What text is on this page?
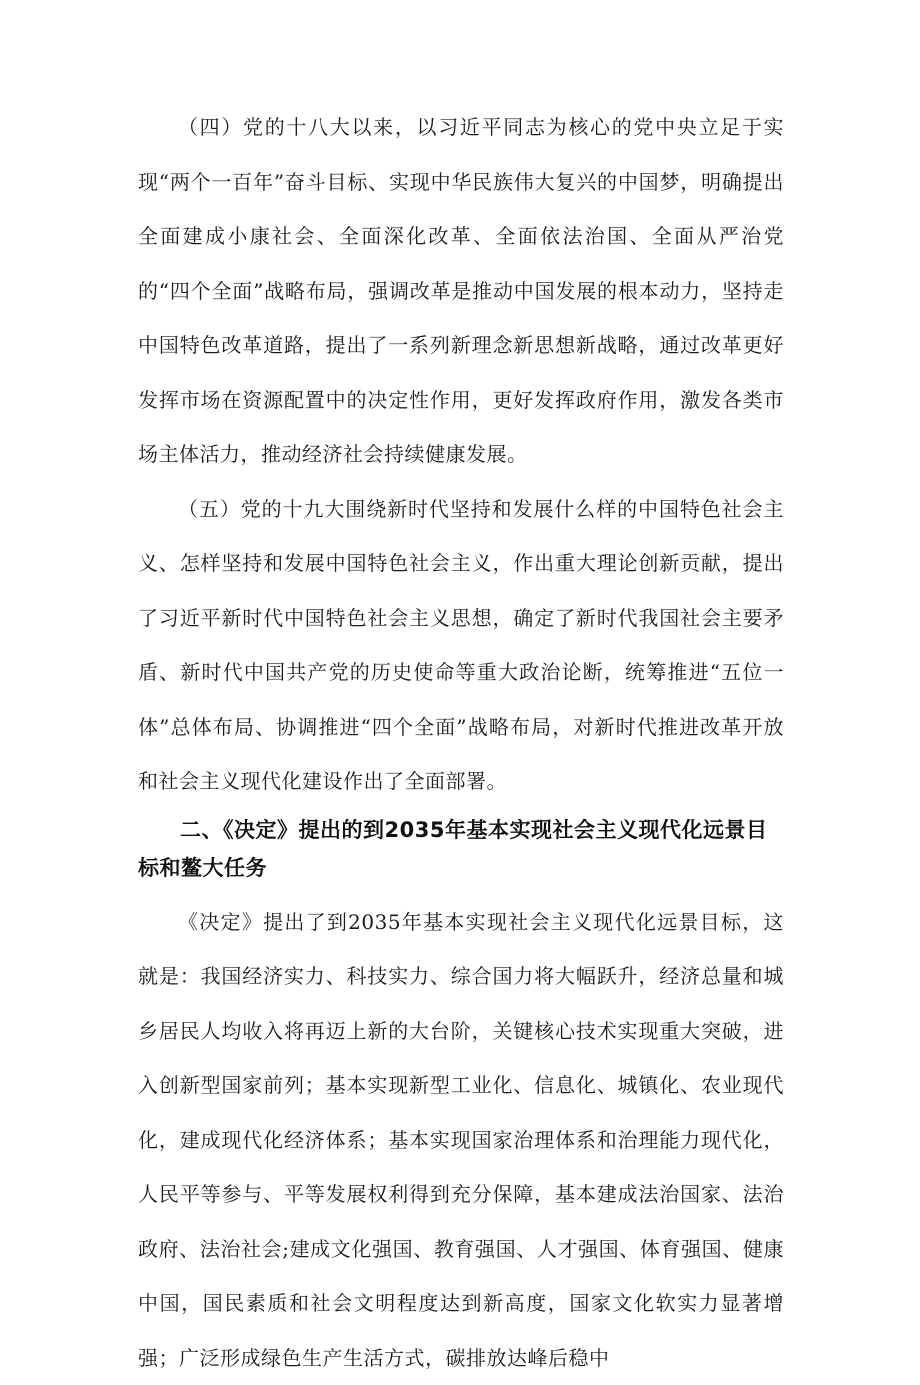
（四）党的十八大以来，以习近平同志为核心的党中央立足于实现“两个一百年”奋斗目标、实现中华民族伟大复兴的中国梦，明确提出全面建成小康社会、全面深化改革、全面依法治国、全面从严治党的“四个全面”战略布局，强调改革是推动中国发展的根本动力，坚持走中国特色改革道路，提出了一系列新理念新思想新战略，通过改革更好发挥市场在资源配置中的决定性作用，更好发挥政府作用，激发各类市场主体活力，推动经济社会持续健康发展。

（五）党的十九大围绕新时代坚持和发展什么样的中国特色社会主义、怎样坚持和发展中国特色社会主义，作出重大理论创新贡献，提出了习近平新时代中国特色社会主义思想，确定了新时代我国社会主要矛盾、新时代中国共产党的历史使命等重大政治论断，统筹推进“五位一体”总体布局、协调推进“四个全面”战略布局，对新时代推进改革开放和社会主义现代化建设作出了全面部署。

二、《决定》提出的到2035年基本实现社会主义现代化远景目标和鳌大任务

《决定》提出了到2035年基本实现社会主义现代化远景目标，这就是：我国经济实力、科技实力、综合国力将大幅跃升，经济总量和城乡居民人均收入将再迈上新的大台阶，关键核心技术实现重大突破，进入创新型国家前列；基本实现新型工业化、信息化、城镇化、农业现代化，建成现代化经济体系；基本实现国家治理体系和治理能力现代化，人民平等参与、平等发展权利得到充分保障，基本建成法治国家、法治政府、法治社会;建成文化强国、教育强国、人才强国、体育强国、健康中国，国民素质和社会文明程度达到新高度，国家文化软实力显著增强；广泛形成绿色生产生活方式，碳排放达峰后稳中
